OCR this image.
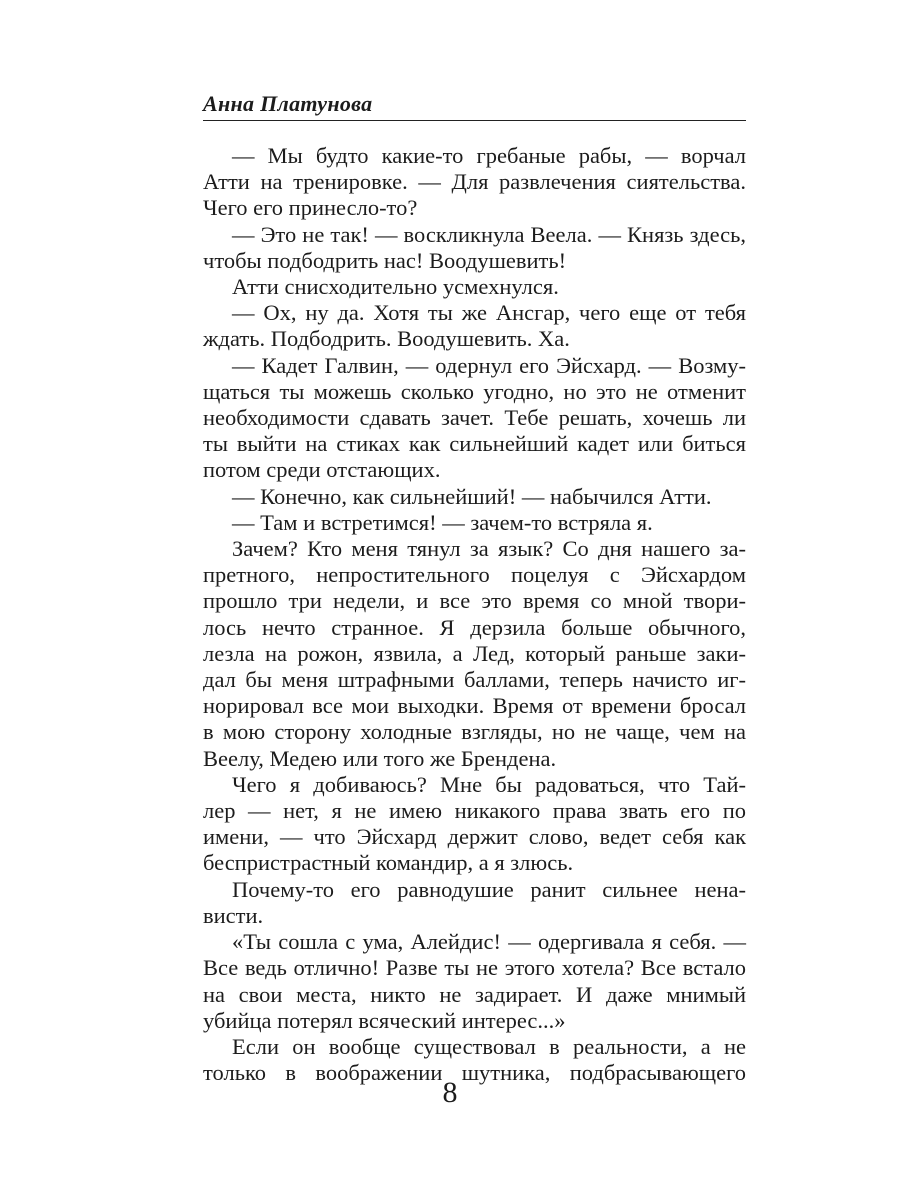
Анна Платунова

— Мы будто какие-то гребаные рабы, — ворчал

Атти на тренировке. — Для развлечения сиятельства.

Чего его принесло-то?

— Это не так! — воскликнула Веела. — Князь здесь,

чтобы подбодрить нас! Воодушевить!

Атти снисходительно усмехнулся.

— Ох, ну да. Хотя ты же Ансгар, чего еще от тебя

ждать. Подбодрить. Воодушевить. Ха.

— Кадет Галвин, — одернул его Эйсхард. — Возму-

щаться ты можешь сколько угодно, но это не отменит

необходимости сдавать зачет. Тебе решать, хочешь ли

ты выйти на стиках как сильнейший кадет или биться

потом среди отстающих.

— Конечно, как сильнейший! — набычился Атти.

— Там и встретимся! — зачем-то встряла я.

Зачем? Кто меня тянул за язык? Со дня нашего за-

претного, непростительного поцелуя с Эйсхардом

прошло три недели, и все это время со мной твори-

лось нечто странное. Я дерзила больше обычного,

лезла на рожон, язвила, а Лед, который раньше заки-

дал бы меня штрафными баллами, теперь начисто иг-

норировал все мои выходки. Время от времени бросал

в мою сторону холодные взгляды, но не чаще, чем на

Веелу, Медею или того же Бренденa.

Чего я добиваюсь? Мне бы радоваться, что Тай-

лер — нет, я не имею никакого права звать его по

имени, — что Эйсхард держит слово, ведет себя как

беспристрастный командир, а я злюсь.

Почему-то его равнодушие ранит сильнее нена-

висти.

«Ты сошла с ума, Алейдис! — одергивала я себя. —

Все ведь отлично! Разве ты не этого хотела? Все встало

на свои места, никто не задирает. И даже мнимый

убийца потерял всяческий интерес...»

Если он вообще существовал в реальности, а не

только в воображении шутника, подбрасывающего

8
